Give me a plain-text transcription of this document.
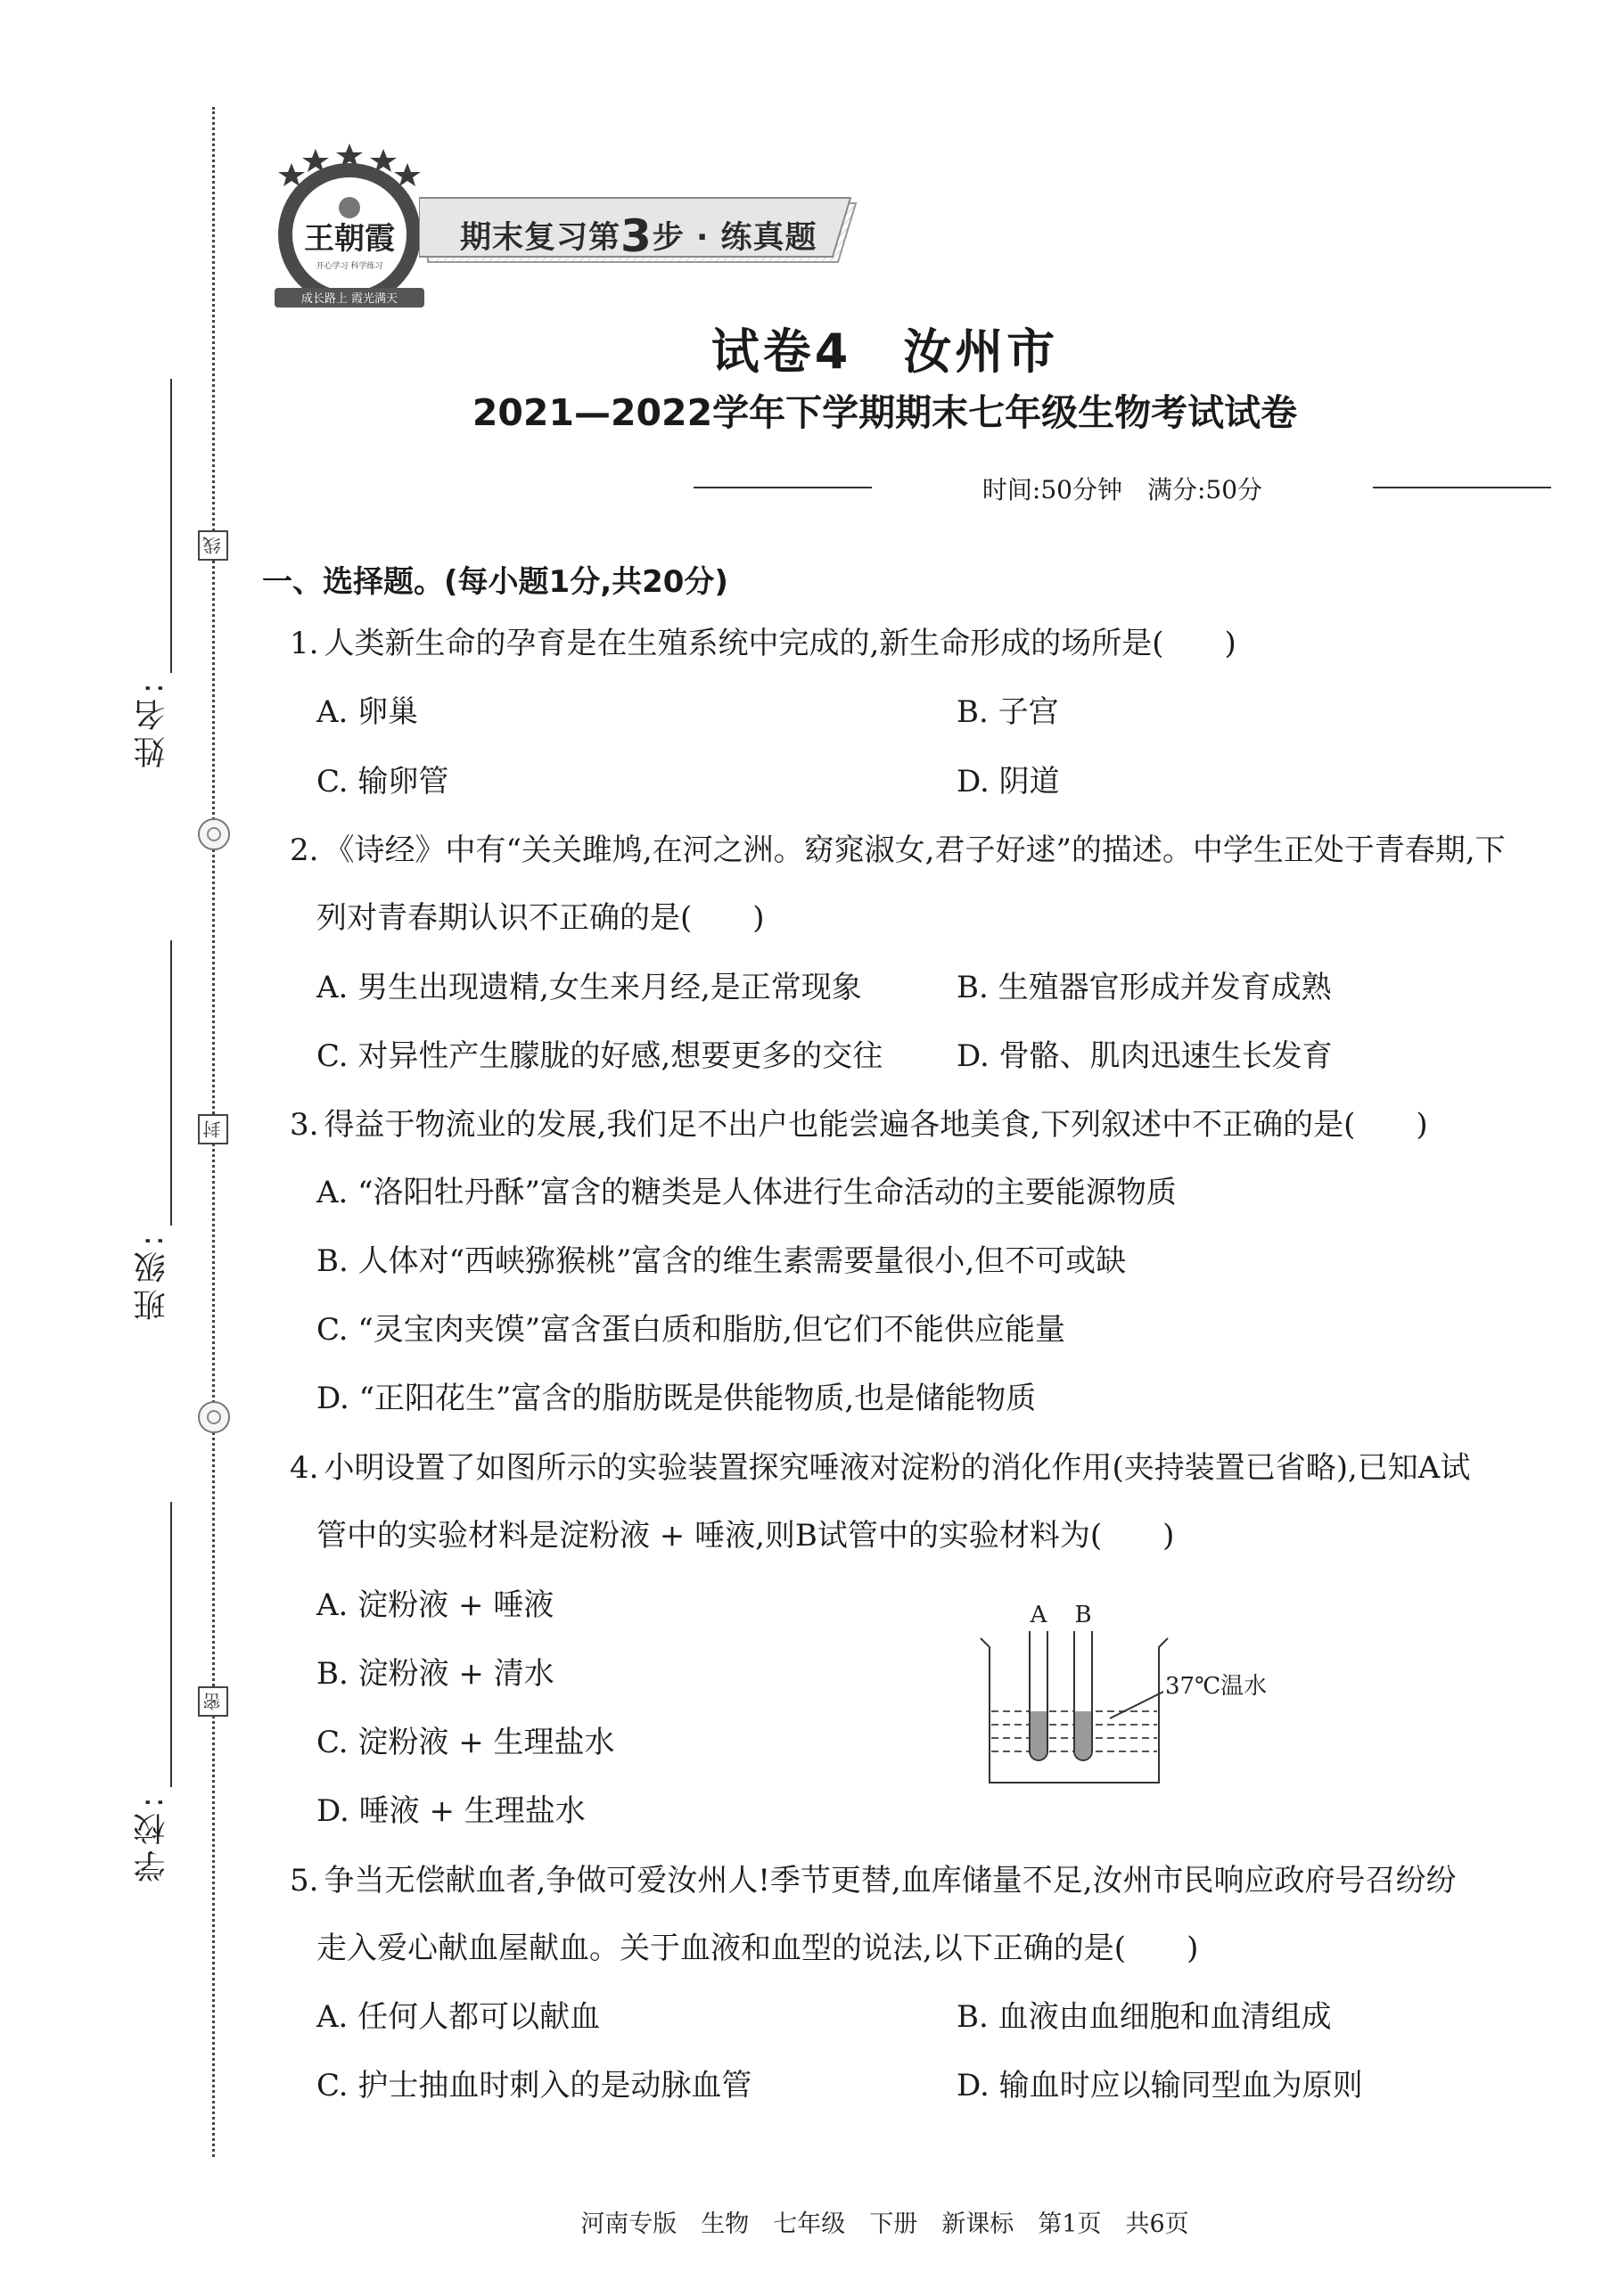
姓名:
班级:
学校:
线
封
密
王朝霞
开心学习 科学练习
成长路上 霞光满天
期末复习第3步 · 练真题
试卷4　汝州市
2021—2022学年下学期期末七年级生物考试试卷
时间:50分钟　满分:50分
一、选择题。(每小题1分,共20分)
1. 人类新生命的孕育是在生殖系统中完成的,新生命形成的场所是(　　)
A. 卵巢	B. 子宫
C. 输卵管	D. 阴道
2. 《诗经》中有“关关雎鸠,在河之洲。窈窕淑女,君子好逑”的描述。中学生正处于青春期,下
列对青春期认识不正确的是(　　)
A. 男生出现遗精,女生来月经,是正常现象	B. 生殖器官形成并发育成熟
C. 对异性产生朦胧的好感,想要更多的交往 D. 骨骼、肌肉迅速生长发育
3. 得益于物流业的发展,我们足不出户也能尝遍各地美食,下列叙述中不正确的是(　　)
A. “洛阳牡丹酥”富含的糖类是人体进行生命活动的主要能源物质
B. 人体对“西峡猕猴桃”富含的维生素需要量很小,但不可或缺
C. “灵宝肉夹馍”富含蛋白质和脂肪,但它们不能供应能量
D. “正阳花生”富含的脂肪既是供能物质,也是储能物质
4. 小明设置了如图所示的实验装置探究唾液对淀粉的消化作用(夹持装置已省略),已知A试
管中的实验材料是淀粉液 + 唾液,则B试管中的实验材料为(　　)
A. 淀粉液 + 唾液
B. 淀粉液 + 清水
C. 淀粉液 + 生理盐水
D. 唾液 + 生理盐水
A B
37℃温水
5. 争当无偿献血者,争做可爱汝州人!季节更替,血库储量不足,汝州市民响应政府号召纷纷
走入爱心献血屋献血。关于血液和血型的说法,以下正确的是(　　)
A. 任何人都可以献血	B. 血液由血细胞和血清组成
C. 护士抽血时刺入的是动脉血管	D. 输血时应以输同型血为原则
河南专版　生物　七年级　下册　新课标　第1页　共6页
